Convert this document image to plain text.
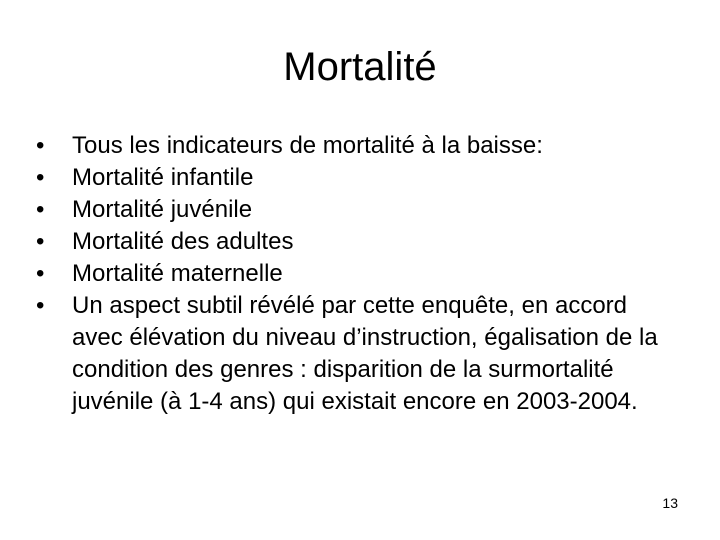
Mortalité
•	Tous les indicateurs de mortalité à la baisse:
•	Mortalité infantile
•	Mortalité juvénile
•	Mortalité des adultes
•	Mortalité maternelle
•	Un aspect subtil révélé par cette enquête, en accord avec élévation du niveau d’instruction, égalisation de la condition des genres : disparition de la surmortalité juvénile (à 1-4 ans) qui existait encore en 2003-2004.
13
